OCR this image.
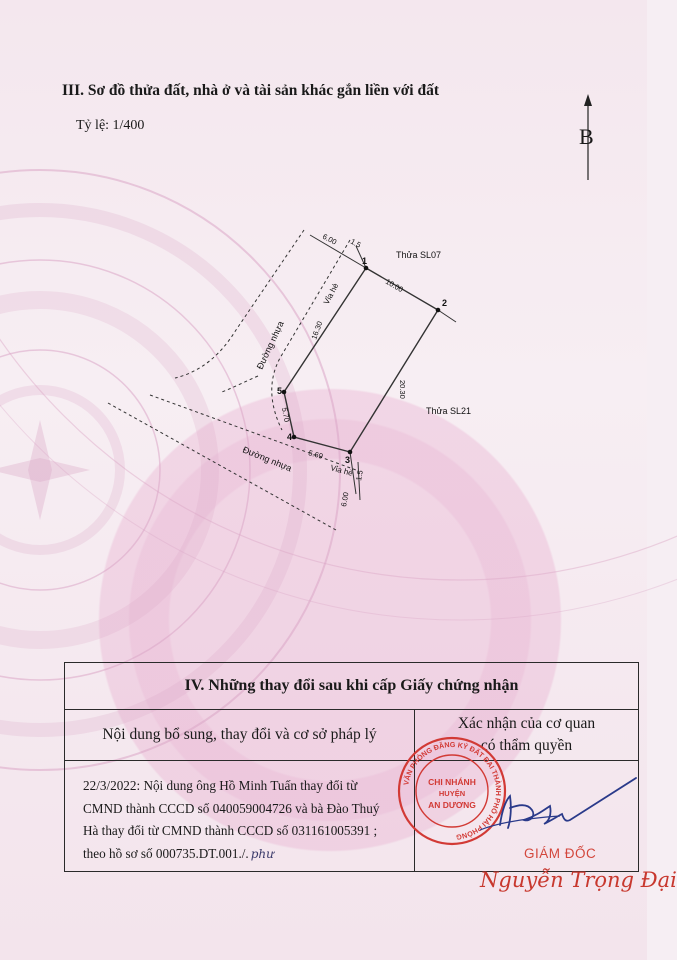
III. Sơ đồ thửa đất, nhà ở và tài sản khác gắn liền với đất
Tỷ lệ: 1/400	B
1
2
3
4
5
Thửa SL07
Thửa SL21
10.00
20.30
5.69
5.70
16.30
6.00 1.5
6.00
1.5
Vỉa hè
Vỉa hè
Đường nhựa
Đường nhựa
IV. Những thay đổi sau khi cấp Giấy chứng nhận
Nội dung bổ sung, thay đổi và cơ sở pháp lý
Xác nhận của cơ quan
có thẩm quyền
22/3/2022: Nội dung ông Hồ Minh Tuấn thay đổi từ
CMND thành CCCD số 040059004726 và bà Đào Thuý
Hà thay đổi từ CMND thành CCCD số 031161005391 ;
theo hồ sơ số 000735.DT.001./. phư
VĂN PHÒNG ĐĂNG KÝ ĐẤT ĐAI THÀNH PHỐ HẢI PHÒNG
CHI NHÁNH
HUYỆN
AN DƯƠNG
GIÁM ĐỐC
Nguyễn Trọng Đại
